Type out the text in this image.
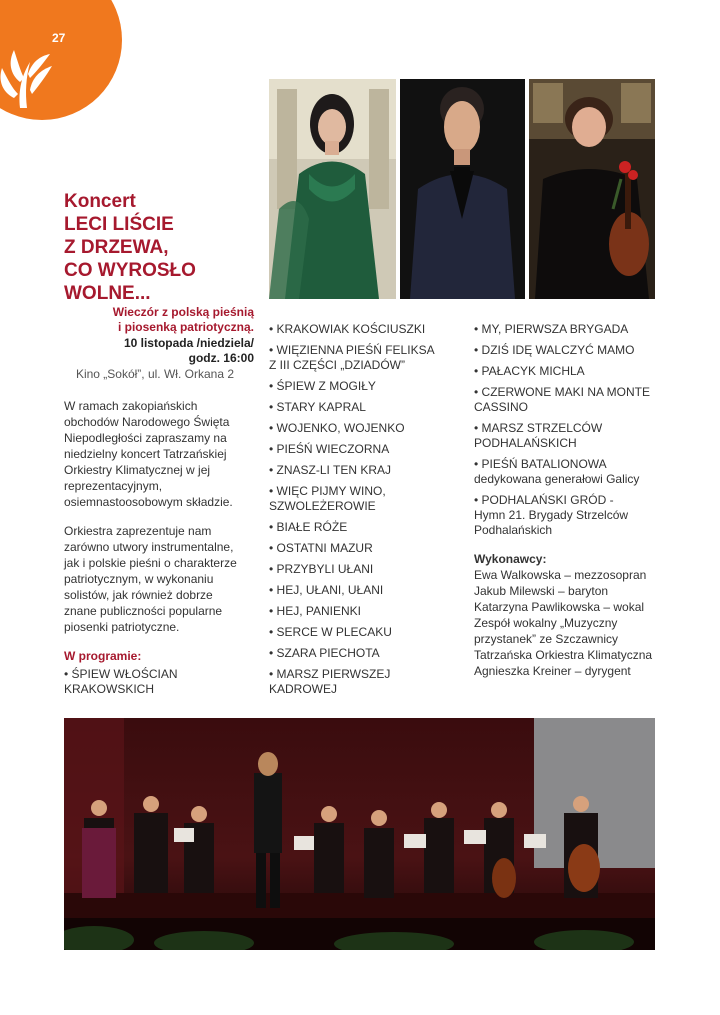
27
Koncert
LECI LIŚCIE
Z DRZEWA,
CO WYROSŁO
WOLNE...
Wieczór z polską pieśnią
i piosenką patriotyczną.
10 listopada /niedziela/
godz. 16:00
Kino „Sokół”, ul. Wł. Orkana 2
W ramach zakopiańskich obchodów Narodowego Święta Niepodległości zapraszamy na niedzielny koncert Tatrzańskiej Orkiestry Klimatycznej w jej reprezentacyjnym, osiemnastoosobowym składzie.
Orkiestra zaprezentuje nam zarówno utwory instrumentalne, jak i polskie pieśni o charakterze patriotycznym, w wykonaniu solistów, jak również dobrze znane publiczności popularne piosenki patriotyczne.
W programie:
• ŚPIEW WŁOŚCIAN
KRAKOWSKICH
• KRAKOWIAK KOŚCIUSZKI
• WIĘZIENNA PIEŚŃ FELIKSA
Z III CZĘŚCI „DZIADÓW”
• ŚPIEW Z MOGIŁY
• STARY KAPRAL
• WOJENKO, WOJENKO
• PIEŚŃ WIECZORNA
• ZNASZ-LI TEN KRAJ
• WIĘC PIJMY WINO,
SZWOLEŻEROWIE
• BIAŁE RÓŻE
• OSTATNI MAZUR
• PRZYBYLI UŁANI
• HEJ, UŁANI, UŁANI
• HEJ, PANIENKI
• SERCE W PLECAKU
• SZARA PIECHOTA
• MARSZ PIERWSZEJ
KADROWEJ
• MY, PIERWSZA BRYGADA
• DZIŚ IDĘ WALCZYĆ MAMO
• PAŁACYK MICHLA
• CZERWONE MAKI NA MONTE
CASSINO
• MARSZ STRZELCÓW
PODHALAŃSKICH
• PIEŚŃ BATALIONOWA
dedykowana generałowi Galicy
• PODHALAŃSKI GRÓD -
Hymn 21. Brygady Strzelców
Podhalańskich
Wykonawcy:
Ewa Walkowska – mezzosopran
Jakub Milewski – baryton
Katarzyna Pawlikowska – wokal
Zespół wokalny „Muzyczny
przystanek” ze Szczawnicy
Tatrzańska Orkiestra Klimatyczna
Agnieszka Kreiner – dyrygent
